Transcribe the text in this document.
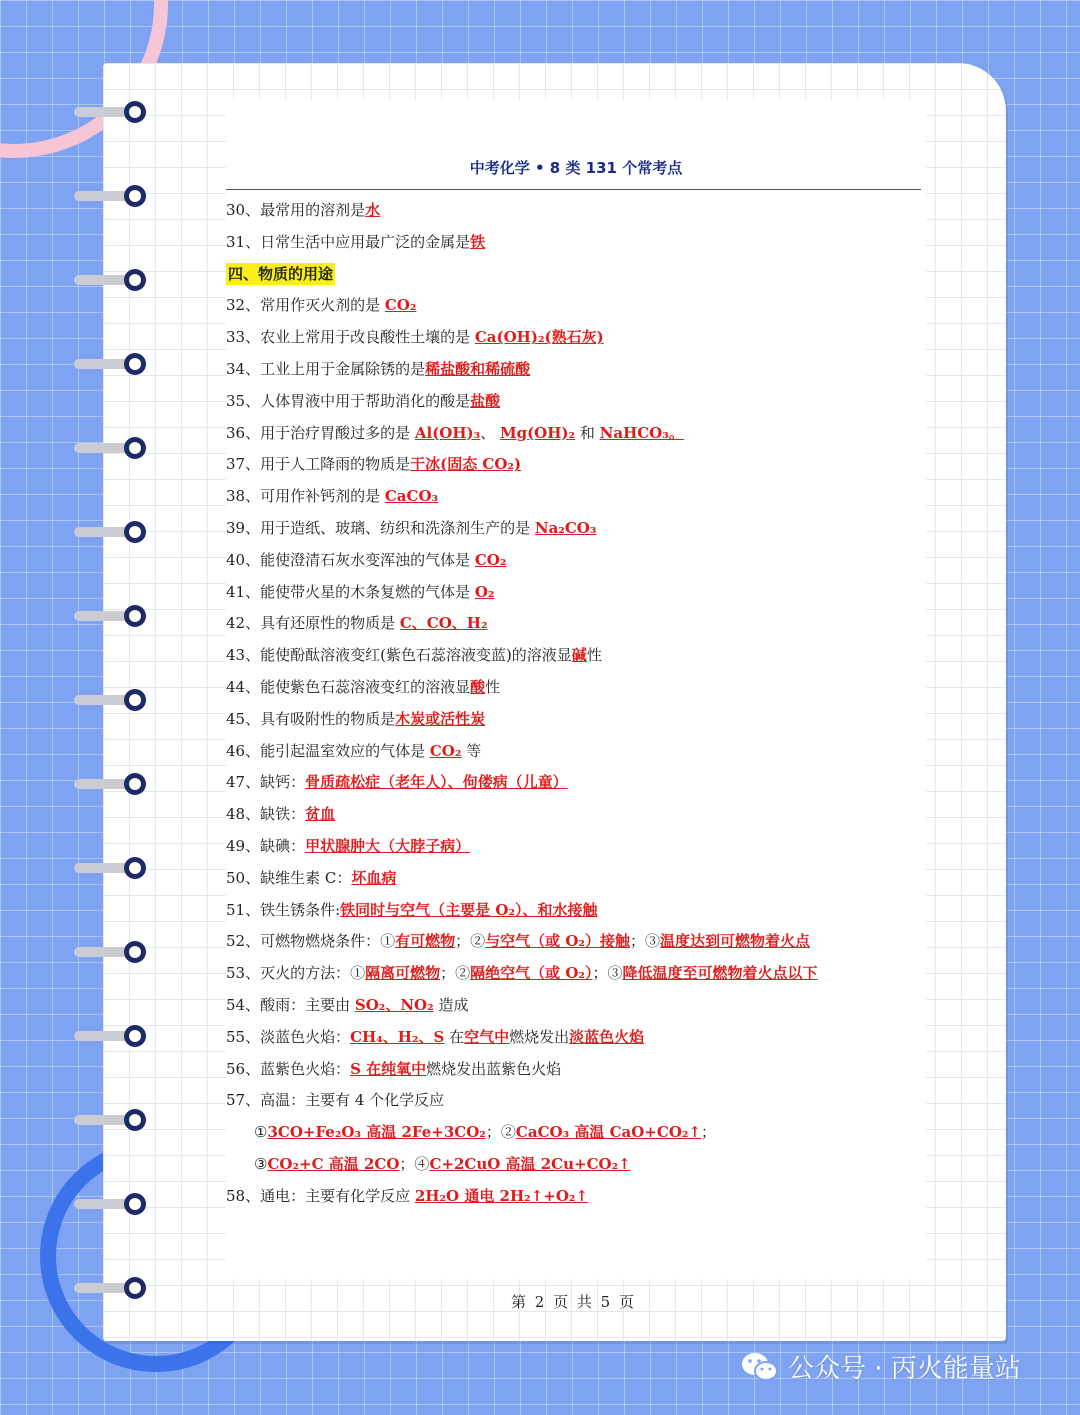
中考化学 • 8 类 131 个常考点
30、最常用的溶剂是水
31、日常生活中应用最广泛的金属是铁
四、物质的用途
32、常用作灭火剂的是 CO₂
33、农业上常用于改良酸性土壤的是 Ca(OH)₂(熟石灰)
34、工业上用于金属除锈的是稀盐酸和稀硫酸
35、人体胃液中用于帮助消化的酸是盐酸
36、用于治疗胃酸过多的是 Al(OH)₃、 Mg(OH)₂ 和 NaHCO₃。
37、用于人工降雨的物质是干冰(固态 CO₂)
38、可用作补钙剂的是 CaCO₃
39、用于造纸、玻璃、纺织和洗涤剂生产的是 Na₂CO₃
40、能使澄清石灰水变浑浊的气体是 CO₂
41、能使带火星的木条复燃的气体是 O₂
42、具有还原性的物质是 C、CO、H₂
43、能使酚酞溶液变红(紫色石蕊溶液变蓝)的溶液显碱性
44、能使紫色石蕊溶液变红的溶液显酸性
45、具有吸附性的物质是木炭或活性炭
46、能引起温室效应的气体是 CO₂ 等
47、缺钙：骨质疏松症（老年人）、佝偻病（儿童）
48、缺铁：贫血
49、缺碘：甲状腺肿大（大脖子病）
50、缺维生素 C：坏血病
51、铁生锈条件:铁同时与空气（主要是 O₂）、和水接触
52、可燃物燃烧条件：①有可燃物；②与空气（或 O₂）接触；③温度达到可燃物着火点
53、灭火的方法：①隔离可燃物；②隔绝空气（或 O₂）；③降低温度至可燃物着火点以下
54、酸雨：主要由 SO₂、NO₂ 造成
55、淡蓝色火焰：CH₄、H₂、S 在空气中燃烧发出淡蓝色火焰
56、蓝紫色火焰：S 在纯氧中燃烧发出蓝紫色火焰
57、高温：主要有 4 个化学反应
①3CO+Fe₂O₃ 高温 2Fe+3CO₂；②CaCO₃ 高温 CaO+CO₂↑；
③CO₂+C 高温 2CO；④C+2CuO 高温 2Cu+CO₂↑
58、通电：主要有化学反应 2H₂O 通电 2H₂↑+O₂↑
第 2 页 共 5 页
公众号 · 丙火能量站
